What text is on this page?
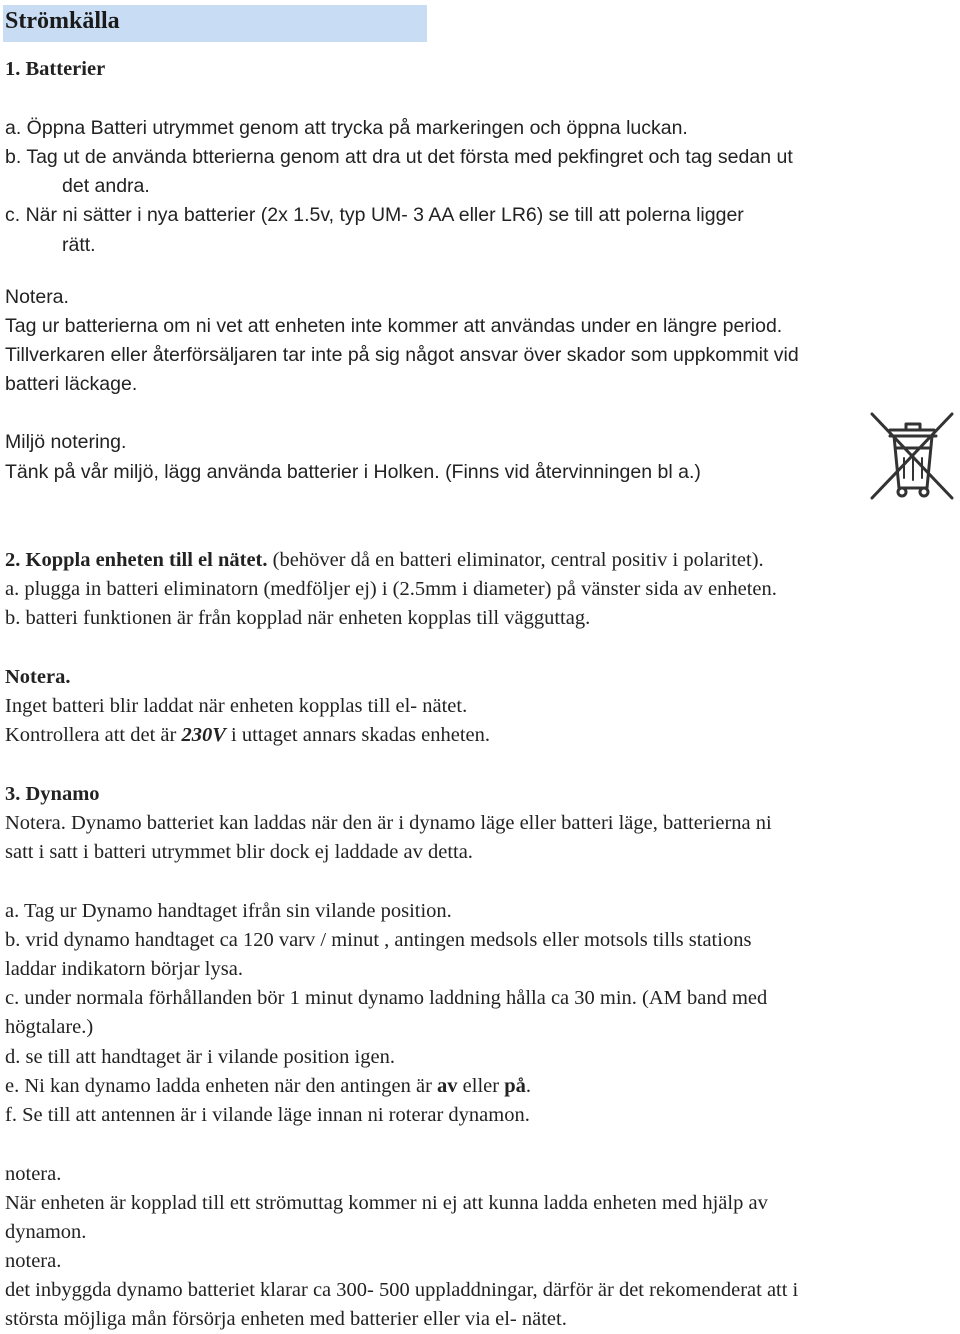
Strömkälla
1. Batterier
a. Öppna Batteri utrymmet genom att trycka på markeringen och öppna luckan.
b. Tag ut de använda btterierna genom att dra ut det första med pekfingret och tag sedan ut
det andra.
c. När ni sätter i nya batterier (2x 1.5v, typ UM- 3 AA eller LR6) se till att polerna ligger
rätt.
Notera.
Tag ur batterierna om ni vet att enheten inte kommer att användas under en längre period.
Tillverkaren eller återförsäljaren tar inte på sig något ansvar över skador som uppkommit vid
batteri läckage.
Miljö notering.
Tänk på vår miljö, lägg använda batterier i Holken. (Finns vid återvinningen bl a.)
2. Koppla enheten till el nätet. (behöver då en batteri eliminator, central positiv i polaritet).
a. plugga in batteri eliminatorn (medföljer ej) i (2.5mm i diameter) på vänster sida av enheten.
b. batteri funktionen är från kopplad när enheten kopplas till vägguttag.
Notera.
Inget batteri blir laddat när enheten kopplas till el- nätet.
Kontrollera att det är 230V i uttaget annars skadas enheten.
3. Dynamo
Notera. Dynamo batteriet kan laddas när den är i dynamo läge eller batteri läge, batterierna ni
satt i satt i batteri utrymmet blir dock ej laddade av detta.
a. Tag ur Dynamo handtaget ifrån sin vilande position.
b. vrid dynamo handtaget ca 120 varv / minut , antingen medsols eller motsols tills stations
laddar indikatorn börjar lysa.
c. under normala förhållanden bör 1 minut dynamo laddning hålla ca 30 min. (AM band med
högtalare.)
d. se till att handtaget är i vilande position igen.
e. Ni kan dynamo ladda enheten när den antingen är av eller på.
f. Se till att antennen är i vilande läge innan ni roterar dynamon.
notera.
När enheten är kopplad till ett strömuttag kommer ni ej att kunna ladda enheten med hjälp av
dynamon.
notera.
det inbyggda dynamo batteriet klarar ca 300- 500 uppladdningar, därför är det rekomenderat att i
största möjliga mån försörja enheten med batterier eller via el- nätet.
